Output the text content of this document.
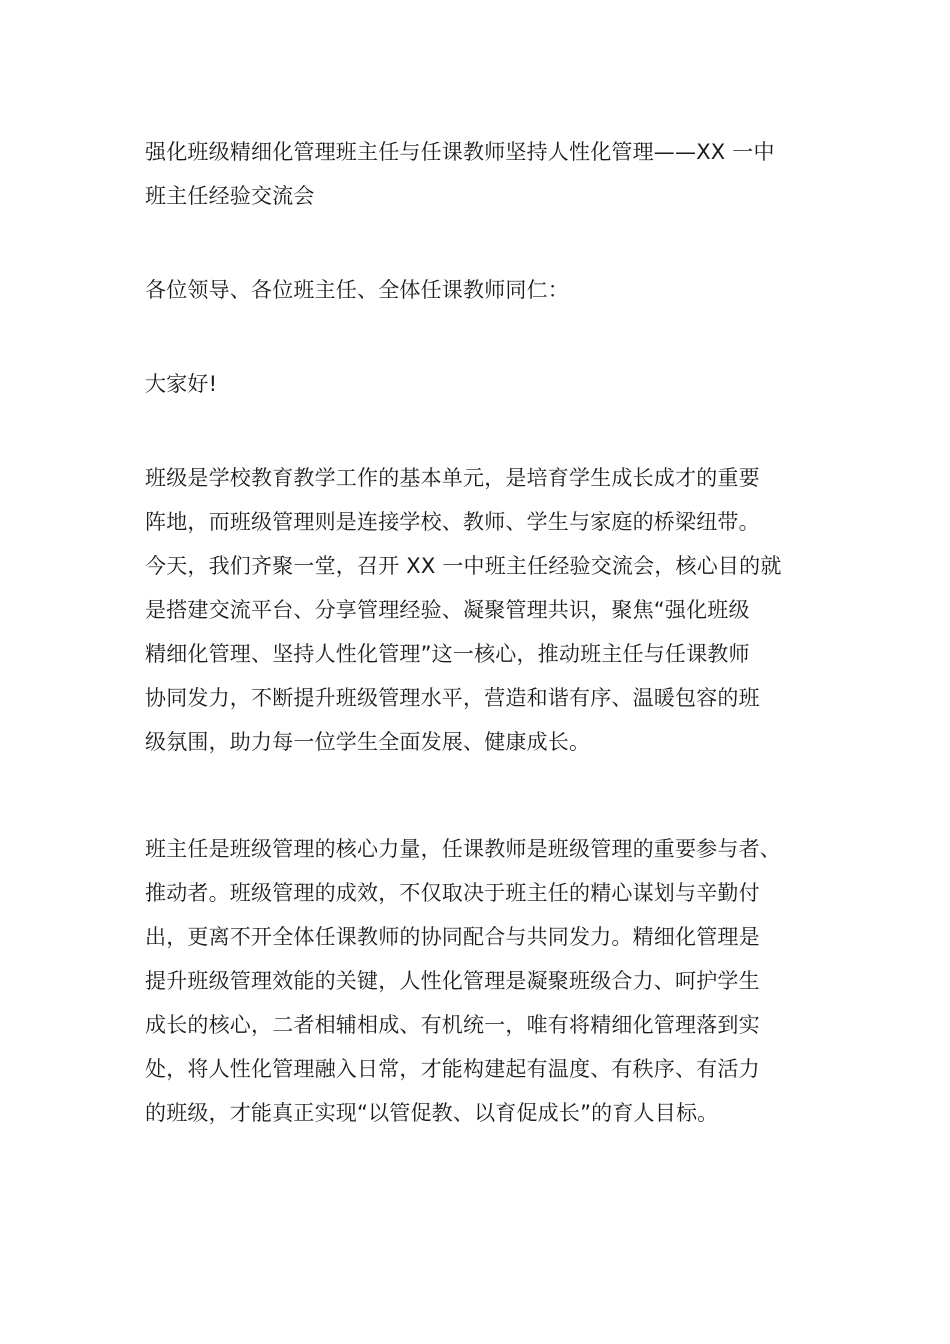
强化班级精细化管理班主任与任课教师坚持人性化管理——XX 一中
班主任经验交流会
各位领导、各位班主任、全体任课教师同仁：
大家好!
班级是学校教育教学工作的基本单元，是培育学生成长成才的重要
阵地，而班级管理则是连接学校、教师、学生与家庭的桥梁纽带。
今天，我们齐聚一堂，召开 XX 一中班主任经验交流会，核心目的就
是搭建交流平台、分享管理经验、凝聚管理共识，聚焦“强化班级
精细化管理、坚持人性化管理”这一核心，推动班主任与任课教师
协同发力，不断提升班级管理水平，营造和谐有序、温暖包容的班
级氛围，助力每一位学生全面发展、健康成长。
班主任是班级管理的核心力量，任课教师是班级管理的重要参与者、
推动者。班级管理的成效，不仅取决于班主任的精心谋划与辛勤付
出，更离不开全体任课教师的协同配合与共同发力。精细化管理是
提升班级管理效能的关键，人性化管理是凝聚班级合力、呵护学生
成长的核心，二者相辅相成、有机统一，唯有将精细化管理落到实
处，将人性化管理融入日常，才能构建起有温度、有秩序、有活力
的班级，才能真正实现“以管促教、以育促成长”的育人目标。
